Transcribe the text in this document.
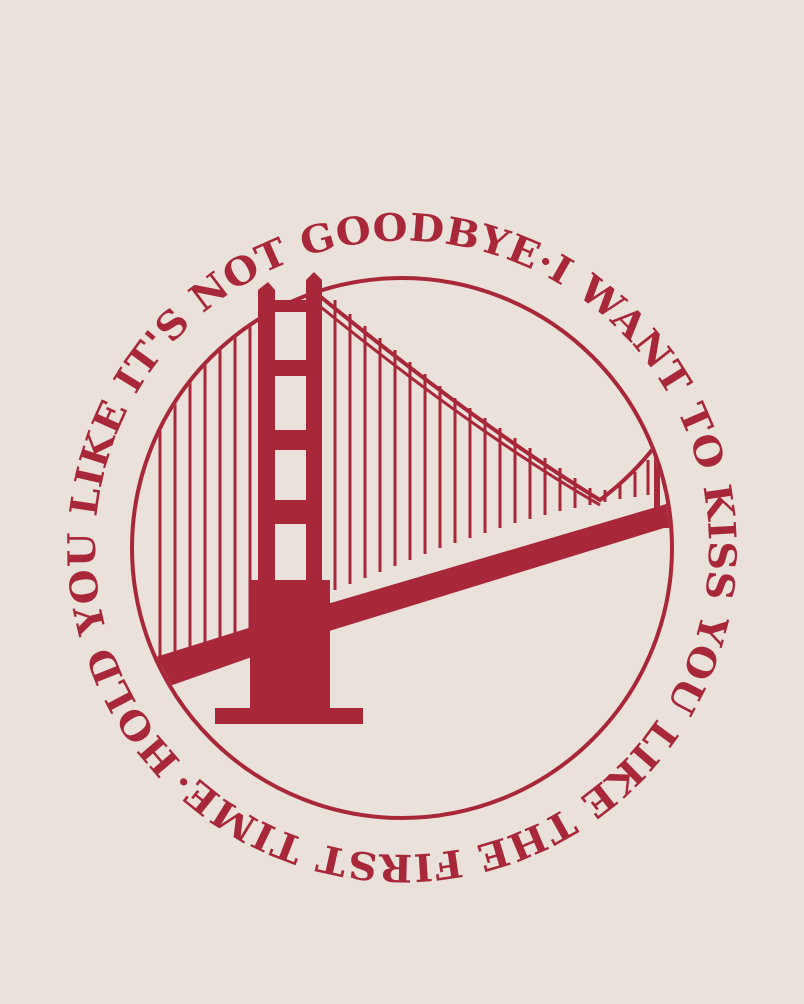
HOLD YOU LIKE IT'S NOT GOODBYE·I WANT TO KISS YOU LIKE THE FIRST TIME·
